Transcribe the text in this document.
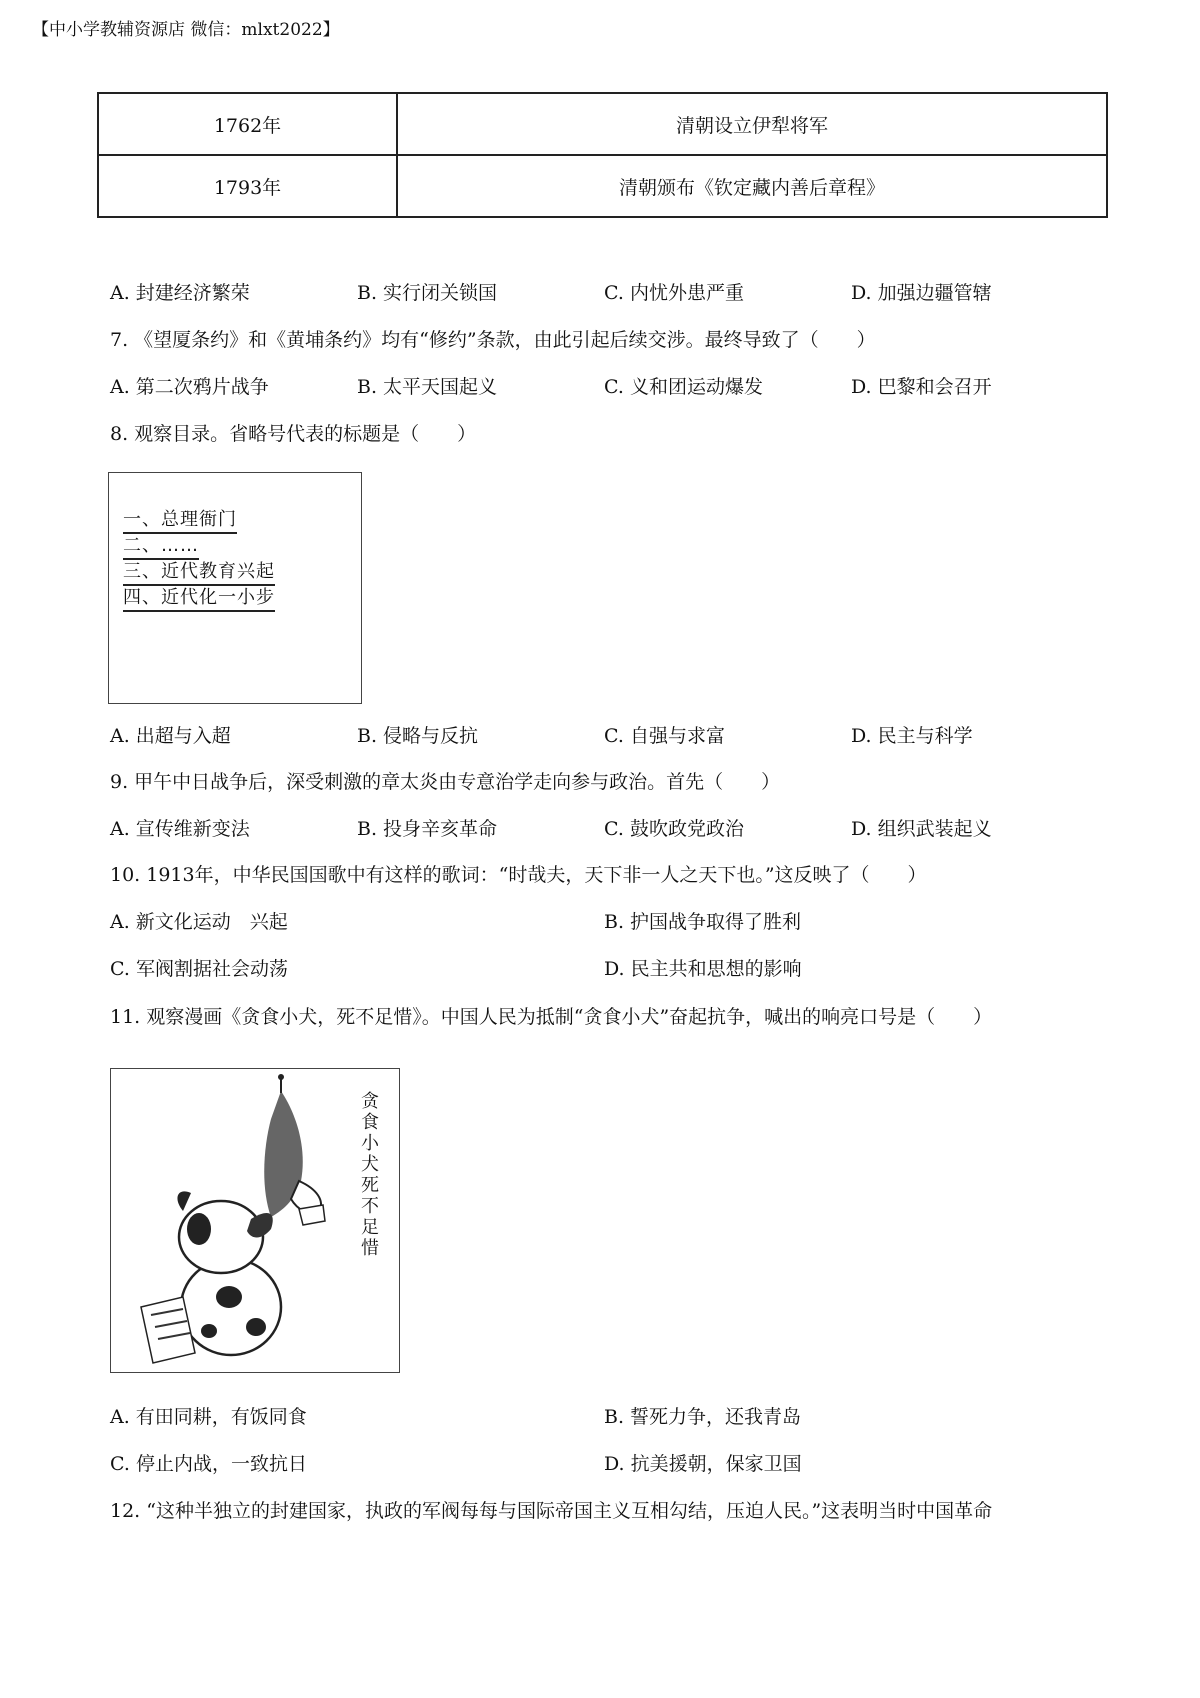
【中小学教辅资源店 微信：mlxt2022】
1762年	清朝设立伊犁将军
1793年	清朝颁布《钦定藏内善后章程》
A. 封建经济繁荣	B. 实行闭关锁国	C. 内忧外患严重	D. 加强边疆管辖
7. 《望厦条约》和《黄埔条约》均有“修约”条款，由此引起后续交涉。最终导致了（　　）
A. 第二次鸦片战争	B. 太平天国起义	C. 义和团运动爆发	D. 巴黎和会召开
8. 观察目录。省略号代表的标题是（　　）
一、总理衙门
二、……
三、近代教育兴起
四、近代化一小步
A. 出超与入超	B. 侵略与反抗	C. 自强与求富	D. 民主与科学
9. 甲午中日战争后，深受刺激的章太炎由专意治学走向参与政治。首先（　　）
A. 宣传维新变法	B. 投身辛亥革命	C. 鼓吹政党政治	D. 组织武装起义
10. 1913年，中华民国国歌中有这样的歌词：“时哉夫，天下非一人之天下也。”这反映了（　　）
A. 新文化运动　兴起	B. 护国战争取得了胜利
C. 军阀割据社会动荡	D. 民主共和思想的影响
11. 观察漫画《贪食小犬，死不足惜》。中国人民为抵制“贪食小犬”奋起抗争，喊出的响亮口号是（　　）
贪食小犬死不足惜
A. 有田同耕，有饭同食	B. 誓死力争，还我青岛
C. 停止内战，一致抗日	D. 抗美援朝，保家卫国
12. “这种半独立的封建国家，执政的军阀每每与国际帝国主义互相勾结，压迫人民。”这表明当时中国革命
